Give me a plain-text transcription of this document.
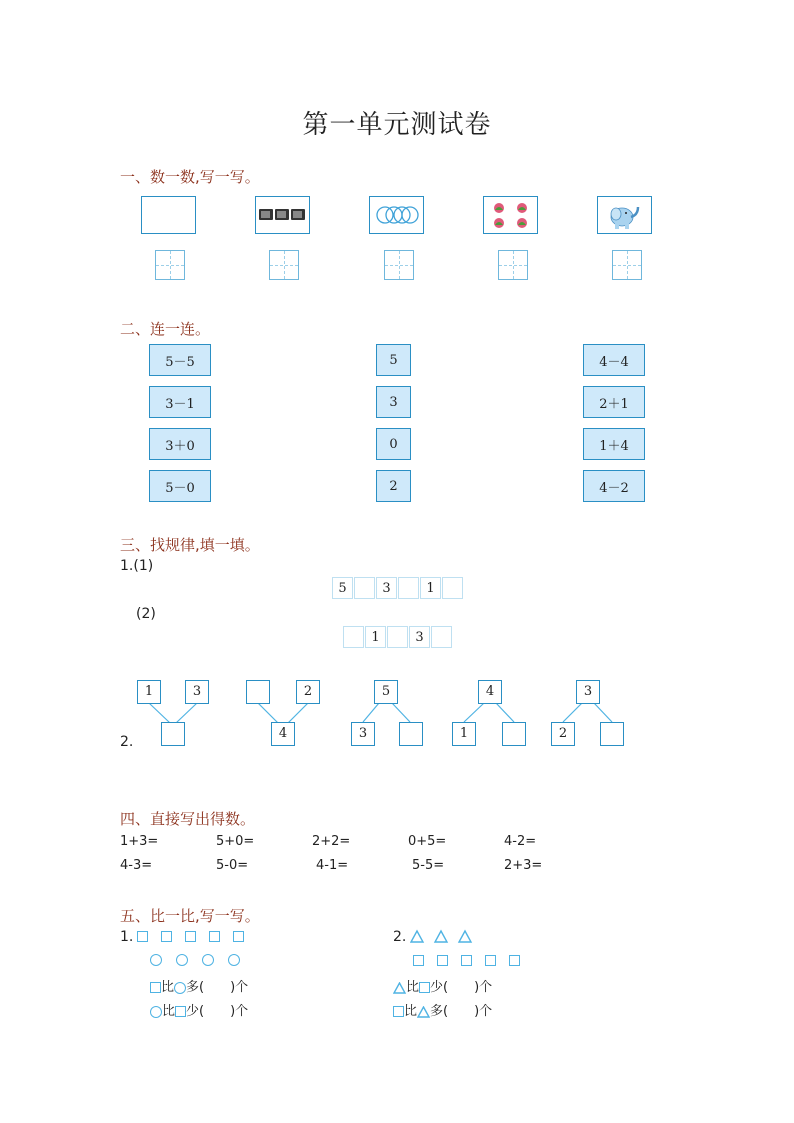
第一单元测试卷
一、数一数,写一写。
二、连一连。
5－5
3－1
3＋0
5－0
5
3
0
2
4－4
2＋1
1＋4
4－2
三、找规律,填一填。
1.(1)
5	3	1
(2)
1	3
2.
1	3	2
4
5
3
4
1
3
2
四、直接写出得数。
1+3=	5+0=	2+2=	0+5=	4-2=
4-3=	5-0=	4-1=	5-5=	2+3=
五、比一比,写一写。
1.
比 多(　　)个
比 少(　　)个
2.
比 少(　　)个
比 多(　　)个
